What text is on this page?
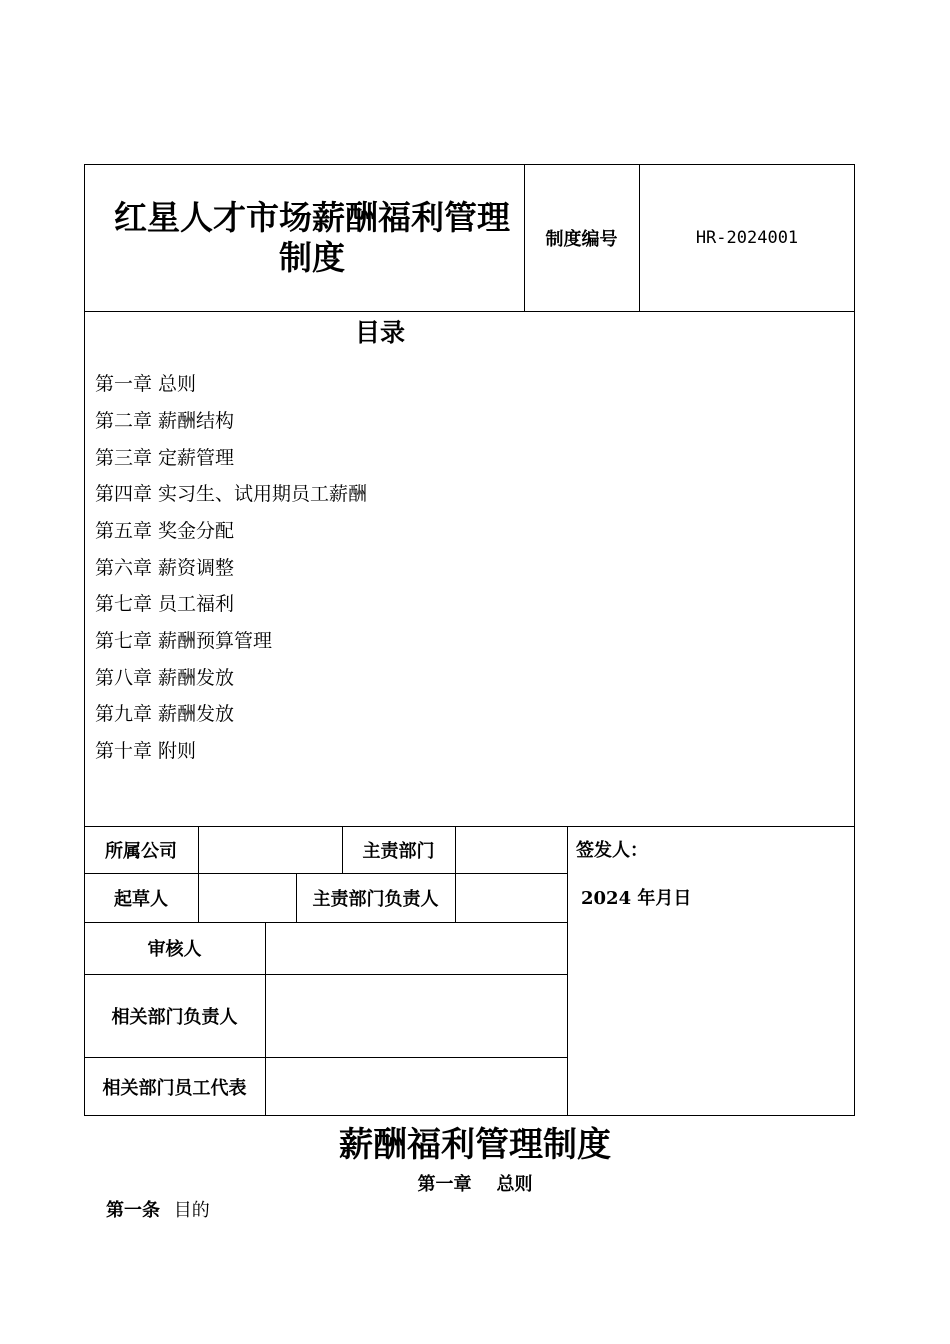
红星人才市场薪酬福利管理制度	制度编号	HR-2024001
目录
第一章 总则
第二章 薪酬结构
第三章 定薪管理
第四章 实习生、试用期员工薪酬
第五章 奖金分配
第六章 薪资调整
第七章 员工福利
第七章 薪酬预算管理
第八章 薪酬发放
第九章 薪酬发放
第十章 附则
所属公司	主责部门
起草人	主责部门负责人
审核人
相关部门负责人
相关部门员工代表
签发人：
2024 年月日
薪酬福利管理制度
第一章    总则
第一条 目的
